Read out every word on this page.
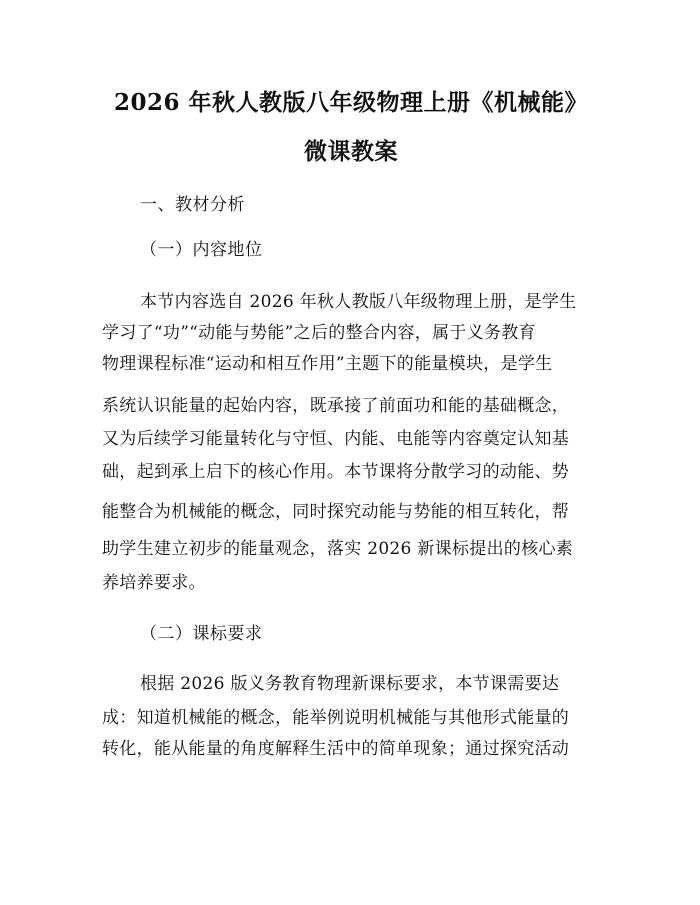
2026 年秋人教版八年级物理上册《机械能》
微课教案
一、教材分析
（一）内容地位
本节内容选自 2026 年秋人教版八年级物理上册，是学生
学习了“功”“动能与势能”之后的整合内容，属于义务教育
物理课程标准“运动和相互作用”主题下的能量模块，是学生
系统认识能量的起始内容，既承接了前面功和能的基础概念，
又为后续学习能量转化与守恒、内能、电能等内容奠定认知基
础，起到承上启下的核心作用。本节课将分散学习的动能、势
能整合为机械能的概念，同时探究动能与势能的相互转化，帮
助学生建立初步的能量观念，落实 2026 新课标提出的核心素
养培养要求。
（二）课标要求
根据 2026 版义务教育物理新课标要求，本节课需要达
成：知道机械能的概念，能举例说明机械能与其他形式能量的
转化，能从能量的角度解释生活中的简单现象；通过探究活动
